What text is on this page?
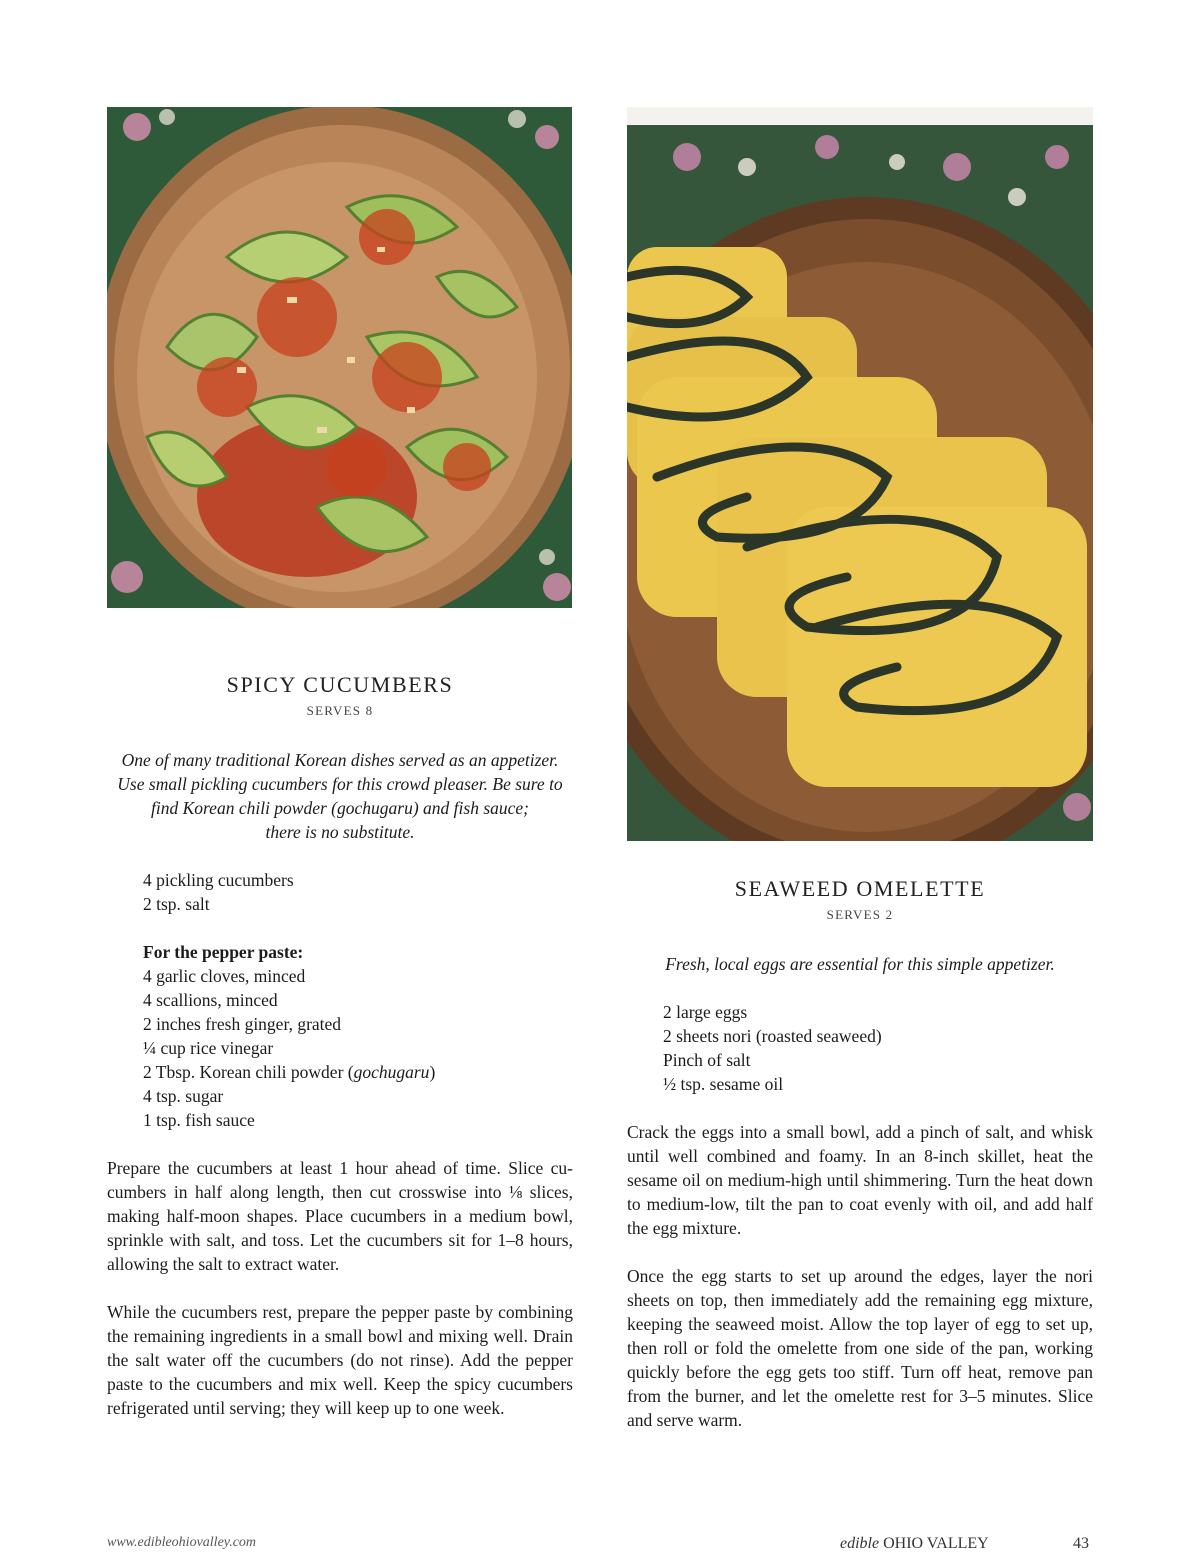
SPICY CUCUMBERS

SERVES 8

One of many traditional Korean dishes served as an appetizer.
Use small pickling cucumbers for this crowd pleaser. Be sure to
find Korean chili powder (gochugaru) and fish sauce;
there is no substitute.

4 pickling cucumbers
2 tsp. salt
For the pepper paste:
4 garlic cloves, minced
4 scallions, minced
2 inches fresh ginger, grated
¼ cup rice vinegar
2 Tbsp. Korean chili powder (gochugaru)
4 tsp. sugar
1 tsp. fish sauce

Prepare the cucumbers at least 1 hour ahead of time. Slice cucumbers in half along length, then cut crosswise into ⅛ slices, making half-moon shapes. Place cucumbers in a medium bowl, sprinkle with salt, and toss. Let the cucumbers sit for 1–8 hours, allowing the salt to extract water.

While the cucumbers rest, prepare the pepper paste by combining the remaining ingredients in a small bowl and mixing well. Drain the salt water off the cucumbers (do not rinse). Add the pepper paste to the cucumbers and mix well. Keep the spicy cucumbers refrigerated until serving; they will keep up to one week.

SEAWEED OMELETTE

SERVES 2

Fresh, local eggs are essential for this simple appetizer.

2 large eggs
2 sheets nori (roasted seaweed)
Pinch of salt
½ tsp. sesame oil

Crack the eggs into a small bowl, add a pinch of salt, and whisk until well combined and foamy. In an 8-inch skillet, heat the sesame oil on medium-high until shimmering. Turn the heat down to medium-low, tilt the pan to coat evenly with oil, and add half the egg mixture.

Once the egg starts to set up around the edges, layer the nori sheets on top, then immediately add the remaining egg mixture, keeping the seaweed moist. Allow the top layer of egg to set up, then roll or fold the omelette from one side of the pan, working quickly before the egg gets too stiff. Turn off heat, remove pan from the burner, and let the omelette rest for 3–5 minutes. Slice and serve warm.

www.edibleohiovalley.com	edible OHIO VALLEY	43
